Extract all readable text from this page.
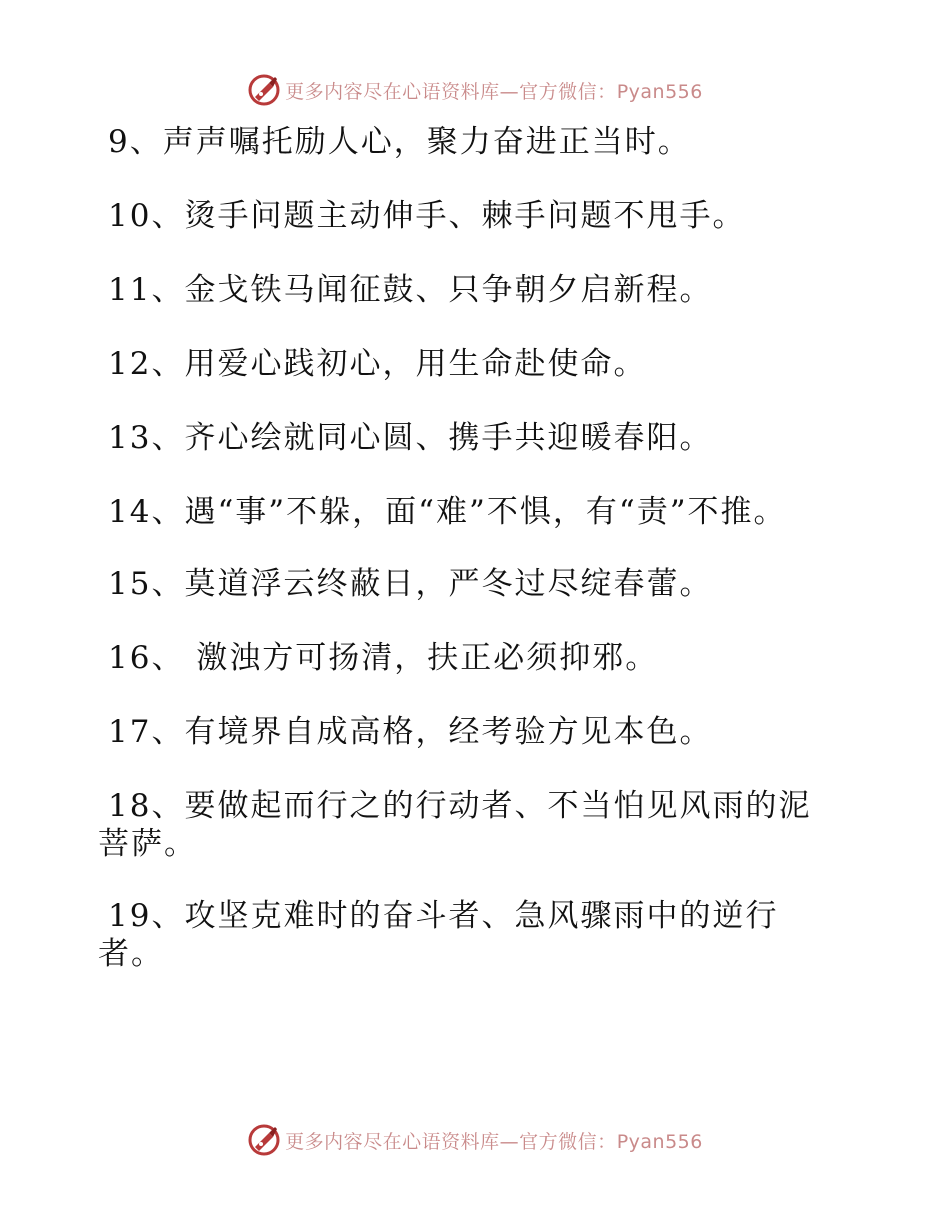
更多内容尽在心语资料库—官方微信：Pyan556

9、声声嘱托励人心，聚力奋进正当时。

10、烫手问题主动伸手、棘手问题不甩手。

11、金戈铁马闻征鼓、只争朝夕启新程。

12、用爱心践初心，用生命赴使命。

13、齐心绘就同心圆、携手共迎暖春阳。

14、遇“事”不躲，面“难”不惧，有“责”不推。

15、莫道浮云终蔽日，严冬过尽绽春蕾。

16、 激浊方可扬清，扶正必须抑邪。

17、有境界自成高格，经考验方见本色。

18、要做起而行之的行动者、不当怕见风雨的泥菩萨。

19、攻坚克难时的奋斗者、急风骤雨中的逆行者。

更多内容尽在心语资料库—官方微信：Pyan556
